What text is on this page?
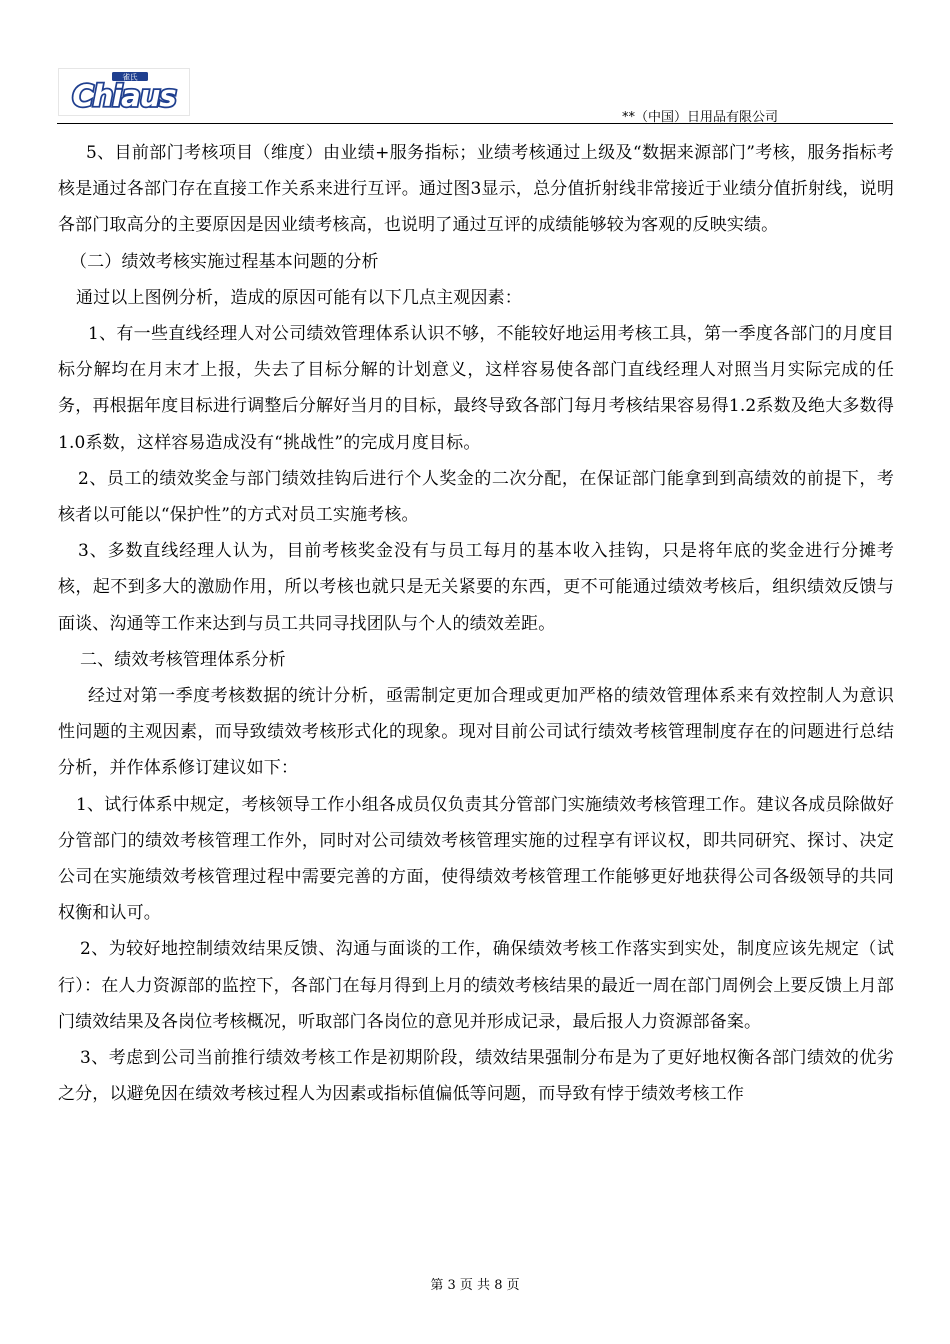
雀氏
Chiaus
**（中国）日用品有限公司

5、目前部门考核项目（维度）由业绩+服务指标；业绩考核通过上级及“数据来源部门”考核，服务指标考核是通过各部门存在直接工作关系来进行互评。通过图3显示，总分值折射线非常接近于业绩分值折射线，说明各部门取高分的主要原因是因业绩考核高，也说明了通过互评的成绩能够较为客观的反映实绩。

（二）绩效考核实施过程基本问题的分析

通过以上图例分析，造成的原因可能有以下几点主观因素：

1、有一些直线经理人对公司绩效管理体系认识不够，不能较好地运用考核工具，第一季度各部门的月度目标分解均在月末才上报，失去了目标分解的计划意义，这样容易使各部门直线经理人对照当月实际完成的任务，再根据年度目标进行调整后分解好当月的目标，最终导致各部门每月考核结果容易得1.2系数及绝大多数得1.0系数，这样容易造成没有“挑战性”的完成月度目标。

2、员工的绩效奖金与部门绩效挂钩后进行个人奖金的二次分配，在保证部门能拿到到高绩效的前提下，考核者以可能以“保护性”的方式对员工实施考核。

3、多数直线经理人认为，目前考核奖金没有与员工每月的基本收入挂钩，只是将年底的奖金进行分摊考核，起不到多大的激励作用，所以考核也就只是无关紧要的东西，更不可能通过绩效考核后，组织绩效反馈与面谈、沟通等工作来达到与员工共同寻找团队与个人的绩效差距。

二、绩效考核管理体系分析

经过对第一季度考核数据的统计分析，亟需制定更加合理或更加严格的绩效管理体系来有效控制人为意识性问题的主观因素，而导致绩效考核形式化的现象。现对目前公司试行绩效考核管理制度存在的问题进行总结分析，并作体系修订建议如下：

1、试行体系中规定，考核领导工作小组各成员仅负责其分管部门实施绩效考核管理工作。建议各成员除做好分管部门的绩效考核管理工作外，同时对公司绩效考核管理实施的过程享有评议权，即共同研究、探讨、决定公司在实施绩效考核管理过程中需要完善的方面，使得绩效考核管理工作能够更好地获得公司各级领导的共同权衡和认可。

2、为较好地控制绩效结果反馈、沟通与面谈的工作，确保绩效考核工作落实到实处，制度应该先规定（试行）：在人力资源部的监控下，各部门在每月得到上月的绩效考核结果的最近一周在部门周例会上要反馈上月部门绩效结果及各岗位考核概况，听取部门各岗位的意见并形成记录，最后报人力资源部备案。

3、考虑到公司当前推行绩效考核工作是初期阶段，绩效结果强制分布是为了更好地权衡各部门绩效的优劣之分，以避免因在绩效考核过程人为因素或指标值偏低等问题，而导致有悖于绩效考核工作

第 3 页 共 8 页
